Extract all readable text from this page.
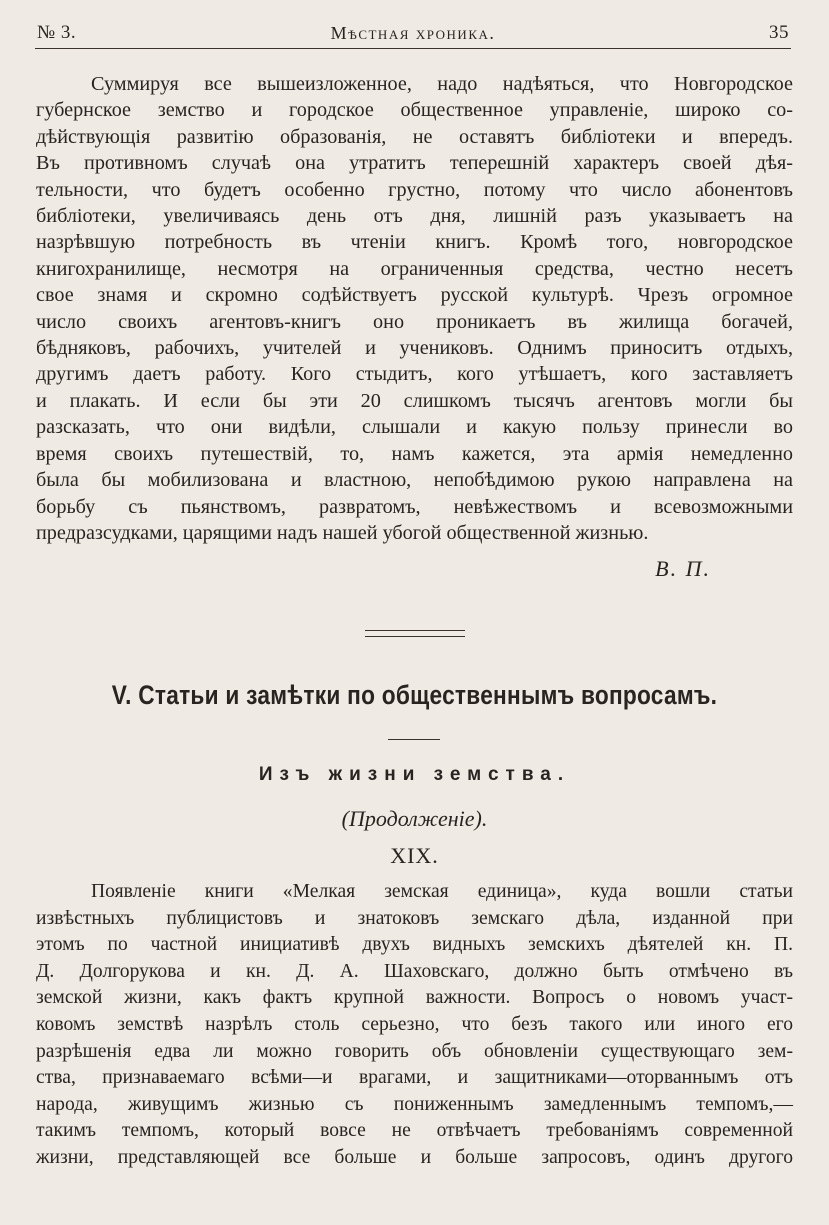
№ 3.	Мѣстная хроника.	35
Суммируя все вышеизложенное, надо надѣяться, что Новгородское
губернское земство и городское общественное управленіе, широко со-
дѣйствующія развитію образованія, не оставятъ библіотеки и впередъ.
Въ противномъ случаѣ она утратитъ теперешній характеръ своей дѣя-
тельности, что будетъ особенно грустно, потому что число абонентовъ
библіотеки, увеличиваясь день отъ дня, лишній разъ указываетъ на
назрѣвшую потребность въ чтеніи книгъ. Кромѣ того, новгородское
книгохранилище, несмотря на ограниченныя средства, честно несетъ
свое знамя и скромно содѣйствуетъ русской культурѣ. Чрезъ огромное
число своихъ агентовъ-книгъ оно проникаетъ въ жилища богачей,
бѣдняковъ, рабочихъ, учителей и учениковъ. Однимъ приноситъ отдыхъ,
другимъ даетъ работу. Кого стыдитъ, кого утѣшаетъ, кого заставляетъ
и плакать. И если бы эти 20 слишкомъ тысячъ агентовъ могли бы
разсказать, что они видѣли, слышали и какую пользу принесли во
время своихъ путешествій, то, намъ кажется, эта армія немедленно
была бы мобилизована и властною, непобѣдимою рукою направлена на
борьбу съ пьянствомъ, развратомъ, невѣжествомъ и всевозможными
предразсудками, царящими надъ нашей убогой общественной жизнью.
В. П.
V. Статьи и замѣтки по общественнымъ вопросамъ.
Изъ жизни земства.
(Продолженіе).
XIX.
Появленіе книги «Мелкая земская единица», куда вошли статьи
извѣстныхъ публицистовъ и знатоковъ земскаго дѣла, изданной при
этомъ по частной инициативѣ двухъ видныхъ земскихъ дѣятелей кн. П.
Д. Долгорукова и кн. Д. А. Шаховскаго, должно быть отмѣчено въ
земской жизни, какъ фактъ крупной важности. Вопросъ о новомъ участ-
ковомъ земствѣ назрѣлъ столь серьезно, что безъ такого или иного его
разрѣшенія едва ли можно говорить объ обновленіи существующаго зем-
ства, признаваемаго всѣми—и врагами, и защитниками—оторваннымъ отъ
народа, живущимъ жизнью съ пониженнымъ замедленнымъ темпомъ,—
такимъ темпомъ, который вовсе не отвѣчаетъ требованіямъ современной
жизни, представляющей все больше и больше запросовъ, одинъ другого
